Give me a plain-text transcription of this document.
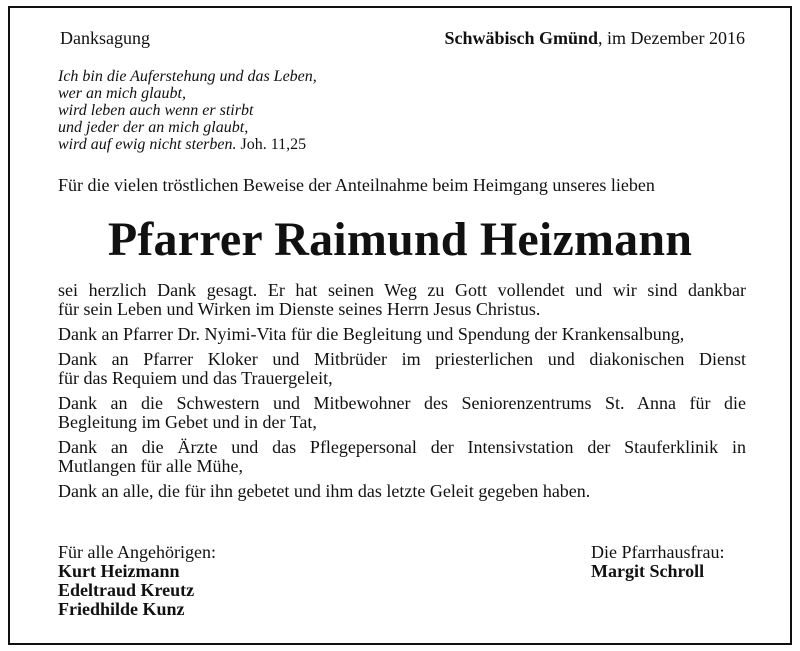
Danksagung	Schwäbisch Gmünd, im Dezember 2016
Ich bin die Auferstehung und das Leben,
wer an mich glaubt,
wird leben auch wenn er stirbt
und jeder der an mich glaubt,
wird auf ewig nicht sterben. Joh. 11,25
Für die vielen tröstlichen Beweise der Anteilnahme beim Heimgang unseres lieben
Pfarrer Raimund Heizmann
sei herzlich Dank gesagt. Er hat seinen Weg zu Gott vollendet und wir sind dankbar
für sein Leben und Wirken im Dienste seines Herrn Jesus Christus.
Dank an Pfarrer Dr. Nyimi-Vita für die Begleitung und Spendung der Krankensalbung,
Dank an Pfarrer Kloker und Mitbrüder im priesterlichen und diakonischen Dienst
für das Requiem und das Trauergeleit,
Dank an die Schwestern und Mitbewohner des Seniorenzentrums St. Anna für die
Begleitung im Gebet und in der Tat,
Dank an die Ärzte und das Pflegepersonal der Intensivstation der Stauferklinik in
Mutlangen für alle Mühe,
Dank an alle, die für ihn gebetet und ihm das letzte Geleit gegeben haben.
Für alle Angehörigen:
Kurt Heizmann
Edeltraud Kreutz
Friedhilde Kunz
Die Pfarrhausfrau:
Margit Schroll
